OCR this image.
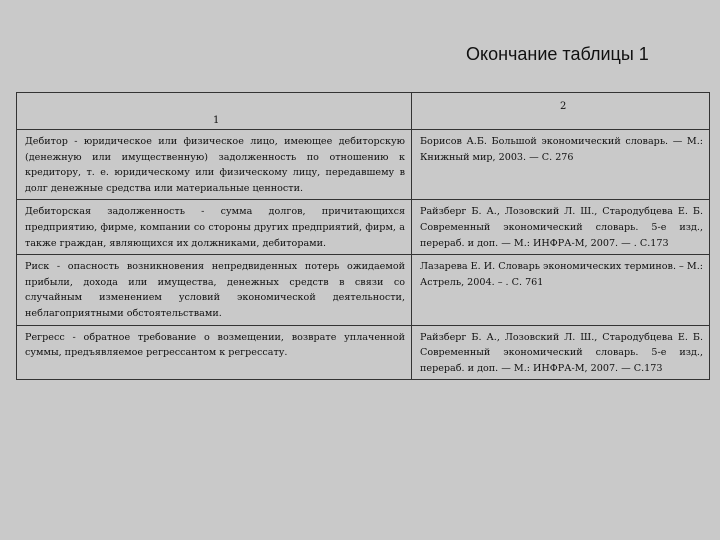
Окончание таблицы 1
1	2

Дебитор - юридическое или физическое лицо, имеющее дебиторскую (денежную или имущественную) задолженность по отношению к кредитору, т. е. юридическому или физическому лицу, передавшему в долг денежные средства или материальные ценности.	Борисов А.Б. Большой экономический словарь. — М.: Книжный мир, 2003. — С. 276
Дебиторская задолженность - сумма долгов, причитающихся предприятию, фирме, компании со стороны других предприятий, фирм, а также граждан, являющихся их должниками, дебиторами.	Райзберг Б. А., Лозовский Л. Ш., Стародубцева Е. Б. Современный экономический словарь. 5-е изд., перераб. и доп. — М.: ИНФРА-М, 2007. — . С.173
Риск - опасность возникновения непредвиденных потерь ожидаемой прибыли, дохода или имущества, денежных средств в связи со случайным изменением условий экономической деятельности, неблагоприятными обстоятельствами.	Лазарева Е. И. Словарь экономических терминов. – М.: Астрель, 2004. – . С. 761
Регресс - обратное требование о возмещении, возврате уплаченной суммы, предъявляемое регрессантом к регрессату.	Райзберг Б. А., Лозовский Л. Ш., Стародубцева Е. Б. Современный экономический словарь. 5-е изд., перераб. и доп. — М.: ИНФРА-М, 2007. — С.173
